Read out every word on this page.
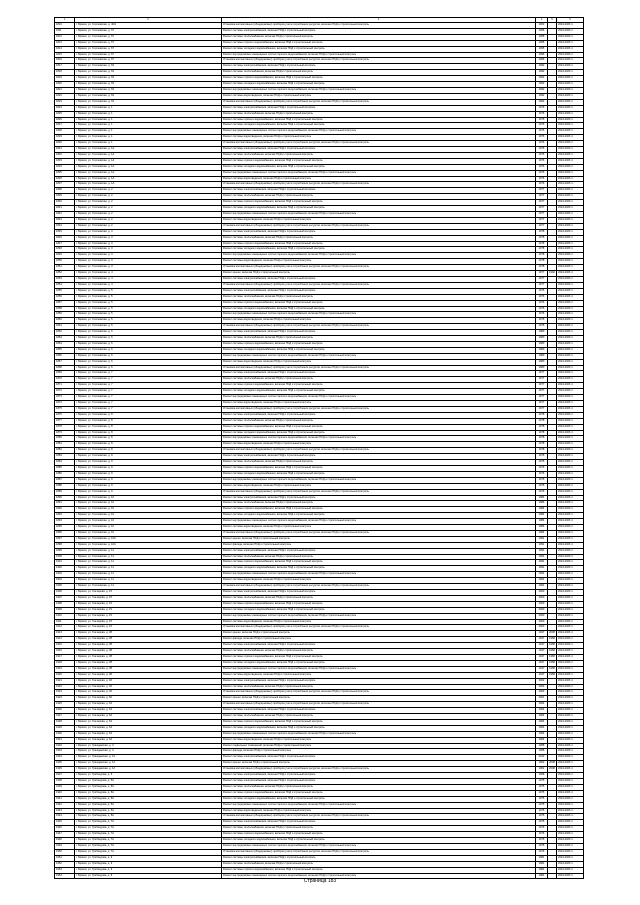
1	2	3	4	5	6
1810	г. Брянск, ул. Гоголевская, д. 40/1	Установка коллективных (общедомовых) приборов учета потребления ресурсов, включая ПСД и строительный контроль	1963		2024-2026 гг.
1811	г. Брянск, ул. Гоголевская, д. 67	Ремонт системы электроснабжения, включая ПСД и строительный контроль	1995		2024-2026 гг.
1812	г. Брянск, ул. Гоголевская, д. 67	Ремонт системы теплоснабжения, включая ПСД и строительный контроль	1995		2024-2026 гг.
1813	г. Брянск, ул. Гоголевская, д. 67	Ремонт системы горячего водоснабжения, включая ПСД и строительный контроль	1995		2024-2026 гг.
1814	г. Брянск, ул. Гоголевская, д. 67	Ремонт системы холодного водоснабжения, включая ПСД и строительный контроль	1995		2024-2026 гг.
1815	г. Брянск, ул. Гоголевская, д. 67	Ремонт внутридомовых инженерных систем горячего водоснабжения, включая ПСД и строительный контроль	1995		2024-2026 гг.
1816	г. Брянск, ул. Гоголевская, д. 67	Установка коллективных (общедомовых) приборов учета потребления ресурсов, включая ПСД и строительный контроль	1995		2024-2026 гг.
1817	г. Брянск, ул. Гоголевская, д. 63	Ремонт системы электроснабжения, включая ПСД и строительный контроль	1992		2024-2026 гг.
1818	г. Брянск, ул. Гоголевская, д. 63	Ремонт системы теплоснабжения, включая ПСД и строительный контроль	1992		2024-2026 гг.
1819	г. Брянск, ул. Гоголевская, д. 63	Ремонт системы горячего водоснабжения, включая ПСД и строительный контроль	1992		2024-2026 гг.
1820	г. Брянск, ул. Гоголевская, д. 63	Ремонт системы холодного водоснабжения, включая ПСД и строительный контроль	1992		2024-2026 гг.
1821	г. Брянск, ул. Гоголевская, д. 63	Ремонт внутридомовых инженерных систем горячего водоснабжения, включая ПСД и строительный контроль	1992		2024-2026 гг.
1822	г. Брянск, ул. Гоголевская, д. 63	Ремонт системы водоотведения, включая ПСД и строительный контроль	1992		2024-2026 гг.
1823	г. Брянск, ул. Гоголевская, д. 63	Установка коллективных (общедомовых) приборов учета потребления ресурсов, включая ПСД и строительный контроль	1992		2024-2026 гг.
1824	г. Брянск, ул. Гоголевская, д. 1	Ремонт системы электроснабжения, включая ПСД и строительный контроль	1976		2024-2026 гг.
1825	г. Брянск, ул. Гоголевская, д. 1	Ремонт системы теплоснабжения, включая ПСД и строительный контроль	1976		2024-2026 гг.
1826	г. Брянск, ул. Гоголевская, д. 1	Ремонт системы горячего водоснабжения, включая ПСД и строительный контроль	1976		2024-2026 гг.
1827	г. Брянск, ул. Гоголевская, д. 1	Ремонт системы холодного водоснабжения, включая ПСД и строительный контроль	1976		2024-2026 гг.
1828	г. Брянск, ул. Гоголевская, д. 1	Ремонт внутридомовых инженерных систем горячего водоснабжения, включая ПСД и строительный контроль	1976		2024-2026 гг.
1829	г. Брянск, ул. Гоголевская, д. 1	Ремонт системы водоотведения, включая ПСД и строительный контроль	1976		2024-2026 гг.
1830	г. Брянск, ул. Гоголевская, д. 1	Установка коллективных (общедомовых) приборов учета потребления ресурсов, включая ПСД и строительный контроль	1976		2024-2026 гг.
1831	г. Брянск, ул. Гоголевская, д. 1А	Ремонт системы электроснабжения, включая ПСД и строительный контроль	1976		2024-2026 гг.
1832	г. Брянск, ул. Гоголевская, д. 1А	Ремонт системы теплоснабжения, включая ПСД и строительный контроль	1976		2024-2026 гг.
1833	г. Брянск, ул. Гоголевская, д. 1А	Ремонт системы горячего водоснабжения, включая ПСД и строительный контроль	1976		2024-2026 гг.
1834	г. Брянск, ул. Гоголевская, д. 1А	Ремонт системы холодного водоснабжения, включая ПСД и строительный контроль	1976		2024-2026 гг.
1835	г. Брянск, ул. Гоголевская, д. 1А	Ремонт внутридомовых инженерных систем горячего водоснабжения, включая ПСД и строительный контроль	1976		2024-2026 гг.
1836	г. Брянск, ул. Гоголевская, д. 1А	Ремонт системы водоотведения, включая ПСД и строительный контроль	1976		2024-2026 гг.
1837	г. Брянск, ул. Гоголевская, д. 1А	Установка коллективных (общедомовых) приборов учета потребления ресурсов, включая ПСД и строительный контроль	1976		2024-2026 гг.
1838	г. Брянск, ул. Гоголевская, д. 2	Ремонт системы электроснабжения, включая ПСД и строительный контроль	1977		2024-2026 гг.
1839	г. Брянск, ул. Гоголевская, д. 2	Ремонт системы теплоснабжения, включая ПСД и строительный контроль	1977		2024-2026 гг.
1840	г. Брянск, ул. Гоголевская, д. 2	Ремонт системы горячего водоснабжения, включая ПСД и строительный контроль	1977		2024-2026 гг.
1841	г. Брянск, ул. Гоголевская, д. 2	Ремонт системы холодного водоснабжения, включая ПСД и строительный контроль	1977		2024-2026 гг.
1842	г. Брянск, ул. Гоголевская, д. 2	Ремонт внутридомовых инженерных систем горячего водоснабжения, включая ПСД и строительный контроль	1977		2024-2026 гг.
1843	г. Брянск, ул. Гоголевская, д. 2	Ремонт системы водоотведения, включая ПСД и строительный контроль	1977		2024-2026 гг.
1844	г. Брянск, ул. Гоголевская, д. 2	Установка коллективных (общедомовых) приборов учета потребления ресурсов, включая ПСД и строительный контроль	1977		2024-2026 гг.
1845	г. Брянск, ул. Гоголевская, д. 3	Ремонт системы электроснабжения, включая ПСД и строительный контроль	1978		2024-2026 гг.
1846	г. Брянск, ул. Гоголевская, д. 3	Ремонт системы теплоснабжения, включая ПСД и строительный контроль	1978		2024-2026 гг.
1847	г. Брянск, ул. Гоголевская, д. 3	Ремонт системы горячего водоснабжения, включая ПСД и строительный контроль	1978		2024-2026 гг.
1848	г. Брянск, ул. Гоголевская, д. 3	Ремонт системы холодного водоснабжения, включая ПСД и строительный контроль	1978		2024-2026 гг.
1849	г. Брянск, ул. Гоголевская, д. 3	Ремонт внутридомовых инженерных систем горячего водоснабжения, включая ПСД и строительный контроль	1978		2024-2026 гг.
1850	г. Брянск, ул. Гоголевская, д. 3	Ремонт системы водоотведения, включая ПСД и строительный контроль	1978		2024-2026 гг.
1851	г. Брянск, ул. Гоголевская, д. 3	Установка коллективных (общедомовых) приборов учета потребления ресурсов, включая ПСД и строительный контроль	1978		2024-2026 гг.
1852	г. Брянск, ул. Гоголевская, д. 4	Ремонт крыши, включая ПСД и строительный контроль	1977	1992	2024-2026 гг.
1853	г. Брянск, ул. Гоголевская, д. 4	Ремонт системы электроснабжения, включая ПСД и строительный контроль	1977		2024-2026 гг.
1854	г. Брянск, ул. Гоголевская, д. 4	Установка коллективных (общедомовых) приборов учета потребления ресурсов, включая ПСД и строительный контроль	1977		2024-2026 гг.
1855	г. Брянск, ул. Гоголевская, д. 5	Ремонт системы электроснабжения, включая ПСД и строительный контроль	1976		2024-2026 гг.
1856	г. Брянск, ул. Гоголевская, д. 5	Ремонт системы теплоснабжения, включая ПСД и строительный контроль	1976		2024-2026 гг.
1857	г. Брянск, ул. Гоголевская, д. 5	Ремонт системы горячего водоснабжения, включая ПСД и строительный контроль	1976		2024-2026 гг.
1858	г. Брянск, ул. Гоголевская, д. 5	Ремонт системы холодного водоснабжения, включая ПСД и строительный контроль	1976		2024-2026 гг.
1859	г. Брянск, ул. Гоголевская, д. 5	Ремонт внутридомовых инженерных систем горячего водоснабжения, включая ПСД и строительный контроль	1976		2024-2026 гг.
1860	г. Брянск, ул. Гоголевская, д. 5	Ремонт системы водоотведения, включая ПСД и строительный контроль	1976		2024-2026 гг.
1861	г. Брянск, ул. Гоголевская, д. 5	Установка коллективных (общедомовых) приборов учета потребления ресурсов, включая ПСД и строительный контроль	1976		2024-2026 гг.
1862	г. Брянск, ул. Гоголевская, д. 6	Ремонт системы электроснабжения, включая ПСД и строительный контроль	1980		2024-2026 гг.
1863	г. Брянск, ул. Гоголевская, д. 6	Ремонт системы теплоснабжения, включая ПСД и строительный контроль	1980		2024-2026 гг.
1864	г. Брянск, ул. Гоголевская, д. 6	Ремонт системы горячего водоснабжения, включая ПСД и строительный контроль	1980		2024-2026 гг.
1865	г. Брянск, ул. Гоголевская, д. 6	Ремонт системы холодного водоснабжения, включая ПСД и строительный контроль	1980		2024-2026 гг.
1866	г. Брянск, ул. Гоголевская, д. 6	Ремонт внутридомовых инженерных систем горячего водоснабжения, включая ПСД и строительный контроль	1980		2024-2026 гг.
1867	г. Брянск, ул. Гоголевская, д. 6	Ремонт системы водоотведения, включая ПСД и строительный контроль	1980		2024-2026 гг.
1868	г. Брянск, ул. Гоголевская, д. 6	Установка коллективных (общедомовых) приборов учета потребления ресурсов, включая ПСД и строительный контроль	1980		2024-2026 гг.
1869	г. Брянск, ул. Гоголевская, д. 7	Ремонт системы электроснабжения, включая ПСД и строительный контроль	1977		2024-2026 гг.
1870	г. Брянск, ул. Гоголевская, д. 7	Ремонт системы теплоснабжения, включая ПСД и строительный контроль	1977		2024-2026 гг.
1871	г. Брянск, ул. Гоголевская, д. 7	Ремонт системы горячего водоснабжения, включая ПСД и строительный контроль	1977		2024-2026 гг.
1872	г. Брянск, ул. Гоголевская, д. 7	Ремонт системы холодного водоснабжения, включая ПСД и строительный контроль	1977		2024-2026 гг.
1873	г. Брянск, ул. Гоголевская, д. 7	Ремонт внутридомовых инженерных систем горячего водоснабжения, включая ПСД и строительный контроль	1977		2024-2026 гг.
1874	г. Брянск, ул. Гоголевская, д. 7	Ремонт системы водоотведения, включая ПСД и строительный контроль	1977		2024-2026 гг.
1875	г. Брянск, ул. Гоголевская, д. 7	Установка коллективных (общедомовых) приборов учета потребления ресурсов, включая ПСД и строительный контроль	1977		2024-2026 гг.
1876	г. Брянск, ул. Гоголевская, д. 8	Ремонт системы электроснабжения, включая ПСД и строительный контроль	1978		2024-2026 гг.
1877	г. Брянск, ул. Гоголевская, д. 8	Ремонт системы теплоснабжения, включая ПСД и строительный контроль	1978		2024-2026 гг.
1878	г. Брянск, ул. Гоголевская, д. 8	Ремонт системы горячего водоснабжения, включая ПСД и строительный контроль	1978		2024-2026 гг.
1879	г. Брянск, ул. Гоголевская, д. 8	Ремонт системы холодного водоснабжения, включая ПСД и строительный контроль	1978		2024-2026 гг.
1880	г. Брянск, ул. Гоголевская, д. 8	Ремонт внутридомовых инженерных систем горячего водоснабжения, включая ПСД и строительный контроль	1978		2024-2026 гг.
1881	г. Брянск, ул. Гоголевская, д. 8	Ремонт системы водоотведения, включая ПСД и строительный контроль	1978		2024-2026 гг.
1882	г. Брянск, ул. Гоголевская, д. 8	Установка коллективных (общедомовых) приборов учета потребления ресурсов, включая ПСД и строительный контроль	1978		2024-2026 гг.
1883	г. Брянск, ул. Гоголевская, д. 9	Ремонт системы электроснабжения, включая ПСД и строительный контроль	1976		2024-2026 гг.
1884	г. Брянск, ул. Гоголевская, д. 9	Ремонт системы теплоснабжения, включая ПСД и строительный контроль	1976		2024-2026 гг.
1885	г. Брянск, ул. Гоголевская, д. 9	Ремонт системы горячего водоснабжения, включая ПСД и строительный контроль	1976		2024-2026 гг.
1886	г. Брянск, ул. Гоголевская, д. 9	Ремонт системы холодного водоснабжения, включая ПСД и строительный контроль	1976		2024-2026 гг.
1887	г. Брянск, ул. Гоголевская, д. 9	Ремонт внутридомовых инженерных систем горячего водоснабжения, включая ПСД и строительный контроль	1976		2024-2026 гг.
1888	г. Брянск, ул. Гоголевская, д. 9	Ремонт системы водоотведения, включая ПСД и строительный контроль	1976		2024-2026 гг.
1889	г. Брянск, ул. Гоголевская, д. 9	Установка коллективных (общедомовых) приборов учета потребления ресурсов, включая ПСД и строительный контроль	1976		2024-2026 гг.
1890	г. Брянск, ул. Гоголевская, д. 10	Ремонт системы электроснабжения, включая ПСД и строительный контроль	1984		2024-2026 гг.
1891	г. Брянск, ул. Гоголевская, д. 10	Ремонт системы теплоснабжения, включая ПСД и строительный контроль	1984		2024-2026 гг.
1892	г. Брянск, ул. Гоголевская, д. 10	Ремонт системы горячего водоснабжения, включая ПСД и строительный контроль	1984		2024-2026 гг.
1893	г. Брянск, ул. Гоголевская, д. 10	Ремонт системы холодного водоснабжения, включая ПСД и строительный контроль	1984		2024-2026 гг.
1894	г. Брянск, ул. Гоголевская, д. 10	Ремонт внутридомовых инженерных систем горячего водоснабжения, включая ПСД и строительный контроль	1984		2024-2026 гг.
1895	г. Брянск, ул. Гоголевская, д. 10	Ремонт системы водоотведения, включая ПСД и строительный контроль	1984		2024-2026 гг.
1896	г. Брянск, ул. Гоголевская, д. 10	Установка коллективных (общедомовых) приборов учета потребления ресурсов, включая ПСД и строительный контроль	1984		2024-2026 гг.
1897	г. Брянск, ул. Гоголевская, д. 10А	Ремонт крыши, включая ПСД и строительный контроль	1991		2024-2026 гг.
1898	г. Брянск, ул. Гоголевская, д. 10А	Ремонт фасада, включая ПСД и строительный контроль	1991		2024-2026 гг.
1899	г. Брянск, ул. Гоголевская, д. 11	Ремонт системы электроснабжения, включая ПСД и строительный контроль	1991		2024-2026 гг.
1900	г. Брянск, ул. Гоголевская, д. 11	Ремонт системы теплоснабжения, включая ПСД и строительный контроль	1991		2024-2026 гг.
1901	г. Брянск, ул. Гоголевская, д. 11	Ремонт системы горячего водоснабжения, включая ПСД и строительный контроль	1991		2024-2026 гг.
1902	г. Брянск, ул. Гоголевская, д. 11	Ремонт системы холодного водоснабжения, включая ПСД и строительный контроль	1991		2024-2026 гг.
1903	г. Брянск, ул. Гоголевская, д. 11	Ремонт внутридомовых инженерных систем горячего водоснабжения, включая ПСД и строительный контроль	1991		2024-2026 гг.
1904	г. Брянск, ул. Гоголевская, д. 11	Ремонт системы водоотведения, включая ПСД и строительный контроль	1991		2024-2026 гг.
1905	г. Брянск, ул. Гоголевская, д. 11	Установка коллективных (общедомовых) приборов учета потребления ресурсов, включая ПСД и строительный контроль	1991		2024-2026 гг.
1906	г. Брянск, ул. Гончарова, д. 15	Ремонт системы электроснабжения, включая ПСД и строительный контроль	2000		2024-2026 гг.
1907	г. Брянск, ул. Гончарова, д. 15	Ремонт системы теплоснабжения, включая ПСД и строительный контроль	2000		2024-2026 гг.
1908	г. Брянск, ул. Гончарова, д. 15	Ремонт системы горячего водоснабжения, включая ПСД и строительный контроль	2000		2024-2026 гг.
1909	г. Брянск, ул. Гончарова, д. 15	Ремонт системы холодного водоснабжения, включая ПСД и строительный контроль	2000		2024-2026 гг.
1910	г. Брянск, ул. Гончарова, д. 15	Ремонт внутридомовых инженерных систем горячего водоснабжения, включая ПСД и строительный контроль	2000		2024-2026 гг.
1911	г. Брянск, ул. Гончарова, д. 15	Ремонт системы водоотведения, включая ПСД и строительный контроль	2000		2024-2026 гг.
1912	г. Брянск, ул. Гончарова, д. 15	Установка коллективных (общедомовых) приборов учета потребления ресурсов, включая ПСД и строительный контроль	2000		2024-2026 гг.
1913	г. Брянск, ул. Гончарова, д. 38	Ремонт крыши, включая ПСД и строительный контроль	1947	2008	2024-2026 гг.
1914	г. Брянск, ул. Гончарова, д. 38	Ремонт фасада, включая ПСД и строительный контроль	1947	1968	2024-2026 гг.
1915	г. Брянск, ул. Гончарова, д. 38	Ремонт системы электроснабжения, включая ПСД и строительный контроль	1947	1968	2024-2026 гг.
1916	г. Брянск, ул. Гончарова, д. 38	Ремонт системы теплоснабжения, включая ПСД и строительный контроль	1947	1968	2024-2026 гг.
1917	г. Брянск, ул. Гончарова, д. 38	Ремонт системы горячего водоснабжения, включая ПСД и строительный контроль	1947	1968	2024-2026 гг.
1918	г. Брянск, ул. Гончарова, д. 38	Ремонт системы холодного водоснабжения, включая ПСД и строительный контроль	1947	1968	2024-2026 гг.
1919	г. Брянск, ул. Гончарова, д. 38	Ремонт внутридомовых инженерных систем горячего водоснабжения, включая ПСД и строительный контроль	1947	1968	2024-2026 гг.
1920	г. Брянск, ул. Гончарова, д. 38	Ремонт системы водоотведения, включая ПСД и строительный контроль	1947	1968	2024-2026 гг.
1921	г. Брянск, ул. Гончарова, д. 40	Ремонт системы электроснабжения, включая ПСД и строительный контроль	2002		2024-2026 гг.
1922	г. Брянск, ул. Гончарова, д. 40	Ремонт системы теплоснабжения, включая ПСД и строительный контроль	2002		2024-2026 гг.
1923	г. Брянск, ул. Гончарова, д. 40	Установка коллективных (общедомовых) приборов учета потребления ресурсов, включая ПСД и строительный контроль	2002		2024-2026 гг.
1924	г. Брянск, ул. Гончарова, д. 60	Ремонт крыши, включая ПСД и строительный контроль	2001		2024-2026 гг.
1925	г. Брянск, ул. Гончарова, д. 64	Установка коллективных (общедомовых) приборов учета потребления ресурсов, включая ПСД и строительный контроль	1964		2024-2026 гг.
1926	г. Брянск, ул. Гончарова, д. 64	Ремонт системы электроснабжения, включая ПСД и строительный контроль	1964		2024-2026 гг.
1927	г. Брянск, ул. Гончарова, д. 64	Ремонт системы теплоснабжения, включая ПСД и строительный контроль	1964		2024-2026 гг.
1928	г. Брянск, ул. Гончарова, д. 64	Ремонт системы горячего водоснабжения, включая ПСД и строительный контроль	1964		2024-2026 гг.
1929	г. Брянск, ул. Гончарова, д. 64	Ремонт системы холодного водоснабжения, включая ПСД и строительный контроль	1964		2024-2026 гг.
1930	г. Брянск, ул. Гончарова, д. 64	Ремонт внутридомовых инженерных систем горячего водоснабжения, включая ПСД и строительный контроль	1964		2024-2026 гг.
1931	г. Брянск, ул. Гончарова, д. 64	Ремонт системы водоотведения, включая ПСД и строительный контроль	1964		2024-2026 гг.
1932	г. Брянск, ул. Гражданская, д. 3	Ремонт подвальных помещений, включая ПСД и строительный контроль	1958		2024-2026 гг.
1933	г. Брянск, ул. Гражданская, д. 3	Ремонт фасада, включая ПСД и строительный контроль	1958		2024-2026 гг.
1934	г. Брянск, ул. Гражданская, д. 12	Ремонт системы электроснабжения, включая ПСД и строительный контроль	2012		2024-2026 гг.
1935	г. Брянск, ул. Гражданская, д. 12	Ремонт крыши, включая ПСД и строительный контроль	1962	2008	2024-2026 гг.
1936	г. Брянск, ул. Гражданская, д. 12	Установка коллективных (общедомовых) приборов учета потребления ресурсов, включая ПСД и строительный контроль	1962	2008	2024-2026 гг.
1937	г. Брянск, ул. Грибоедова, д. 5	Ремонт системы электроснабжения, включая ПСД и строительный контроль	1968		2024-2026 гг.
1938	г. Брянск, ул. Грибоедова, д. 5А	Ремонт системы электроснабжения, включая ПСД и строительный контроль	1975		2024-2026 гг.
1939	г. Брянск, ул. Грибоедова, д. 5А	Ремонт системы теплоснабжения, включая ПСД и строительный контроль	1975		2024-2026 гг.
1940	г. Брянск, ул. Грибоедова, д. 5А	Ремонт системы горячего водоснабжения, включая ПСД и строительный контроль	1975		2024-2026 гг.
1941	г. Брянск, ул. Грибоедова, д. 5А	Ремонт системы холодного водоснабжения, включая ПСД и строительный контроль	1975		2024-2026 гг.
1942	г. Брянск, ул. Грибоедова, д. 5А	Ремонт внутридомовых инженерных систем горячего водоснабжения, включая ПСД и строительный контроль	1975		2024-2026 гг.
1943	г. Брянск, ул. Грибоедова, д. 5А	Ремонт системы водоотведения, включая ПСД и строительный контроль	1975		2024-2026 гг.
1944	г. Брянск, ул. Грибоедова, д. 5А	Установка коллективных (общедомовых) приборов учета потребления ресурсов, включая ПСД и строительный контроль	1975		2024-2026 гг.
1945	г. Брянск, ул. Грибоедова, д. 7А	Ремонт системы электроснабжения, включая ПСД и строительный контроль	1976		2024-2026 гг.
1946	г. Брянск, ул. Грибоедова, д. 7А	Ремонт системы теплоснабжения, включая ПСД и строительный контроль	1976		2024-2026 гг.
1947	г. Брянск, ул. Грибоедова, д. 7А	Ремонт системы горячего водоснабжения, включая ПСД и строительный контроль	1976		2024-2026 гг.
1948	г. Брянск, ул. Грибоедова, д. 7А	Ремонт системы холодного водоснабжения, включая ПСД и строительный контроль	1976		2024-2026 гг.
1949	г. Брянск, ул. Грибоедова, д. 7А	Ремонт внутридомовых инженерных систем горячего водоснабжения, включая ПСД и строительный контроль	1976		2024-2026 гг.
1950	г. Брянск, ул. Грибоедова, д. 7А	Установка коллективных (общедомовых) приборов учета потребления ресурсов, включая ПСД и строительный контроль	1976		2024-2026 гг.
1951	г. Брянск, ул. Грибоедова, д. 9	Ремонт системы электроснабжения, включая ПСД и строительный контроль	1981		2024-2026 гг.
1952	г. Брянск, ул. Грибоедова, д. 9	Ремонт системы теплоснабжения, включая ПСД и строительный контроль	1981		2024-2026 гг.
1953	г. Брянск, ул. Грибоедова, д. 9	Ремонт системы горячего водоснабжения, включая ПСД и строительный контроль	1981		2024-2026 гг.
1954	г. Брянск, ул. Грибоедова, д. 9	Ремонт внутридомовых инженерных систем горячего водоснабжения, включая ПСД и строительный контроль	1981		2024-2026 гг.
Страница 183
